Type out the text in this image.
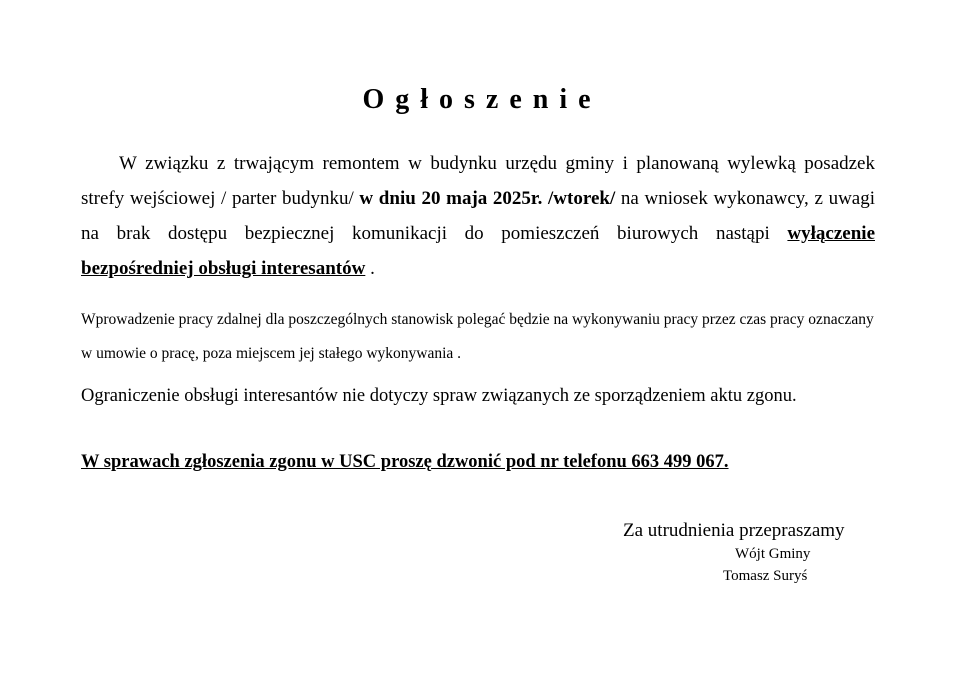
O g ł o s z e n i e
W związku z trwającym remontem w budynku urzędu gminy i planowaną wylewką posadzek strefy wejściowej / parter budynku/ w dniu 20 maja 2025r. /wtorek/ na wniosek wykonawcy, z uwagi na brak dostępu bezpiecznej komunikacji do pomieszczeń biurowych nastąpi wyłączenie bezpośredniej obsługi interesantów .
Wprowadzenie pracy zdalnej dla poszczególnych stanowisk polegać będzie na wykonywaniu pracy przez czas pracy oznaczany w umowie o pracę, poza miejscem jej stałego wykonywania .
Ograniczenie obsługi interesantów nie dotyczy spraw związanych ze sporządzeniem aktu zgonu.
W sprawach zgłoszenia zgonu w USC proszę dzwonić pod nr telefonu 663 499 067.
Za utrudnienia przepraszamy
Wójt Gminy
Tomasz Suryś
